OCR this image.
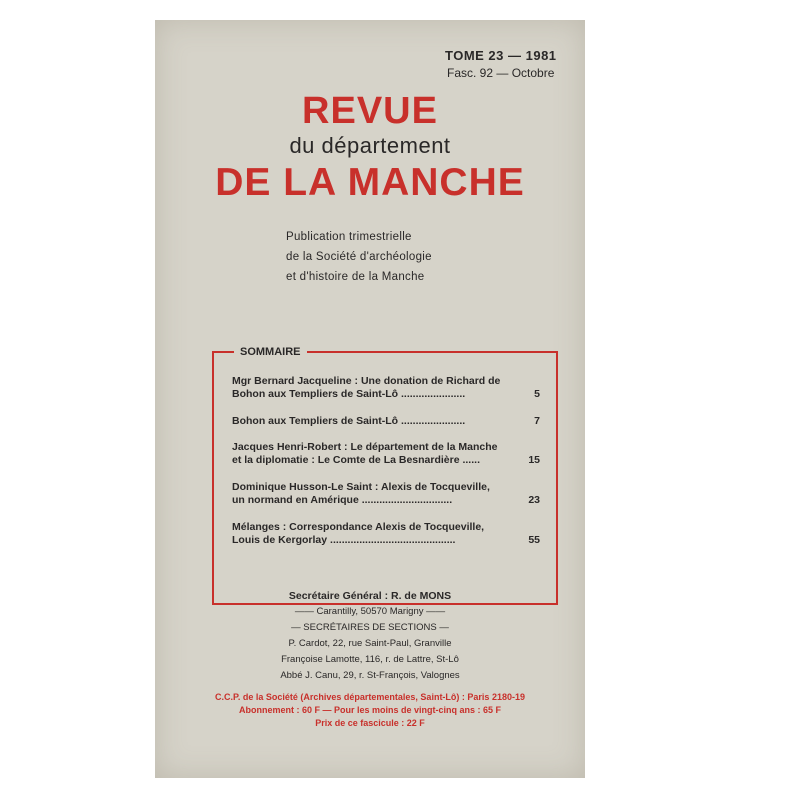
TOME 23 — 1981
Fasc. 92 — Octobre
REVUE
du département
DE LA MANCHE
Publication trimestrielle
de la Société d'archéologie
et d'histoire de la Manche
SOMMAIRE
Mgr Bernard Jacqueline : Une donation de Richard de
Bohon aux Templiers de Saint-Lô ......................	5
Bohon aux Templiers de Saint-Lô ......................	7
Jacques Henri-Robert : Le département de la Manche
et la diplomatie : Le Comte de La Besnardière ......	15
Dominique Husson-Le Saint : Alexis de Tocqueville,
un normand en Amérique ...............................	23
Mélanges : Correspondance Alexis de Tocqueville,
Louis de Kergorlay ...........................................	55
Secrétaire Général : R. de MONS
—— Carantilly, 50570 Marigny ——
— SECRÉTAIRES DE SECTIONS —
P. Cardot, 22, rue Saint-Paul, Granville
Françoise Lamotte, 116, r. de Lattre, St-Lô
Abbé J. Canu, 29, r. St-François, Valognes
C.C.P. de la Société (Archives départementales, Saint-Lô) : Paris 2180-19
Abonnement : 60 F — Pour les moins de vingt-cinq ans : 65 F
Prix de ce fascicule : 22 F
